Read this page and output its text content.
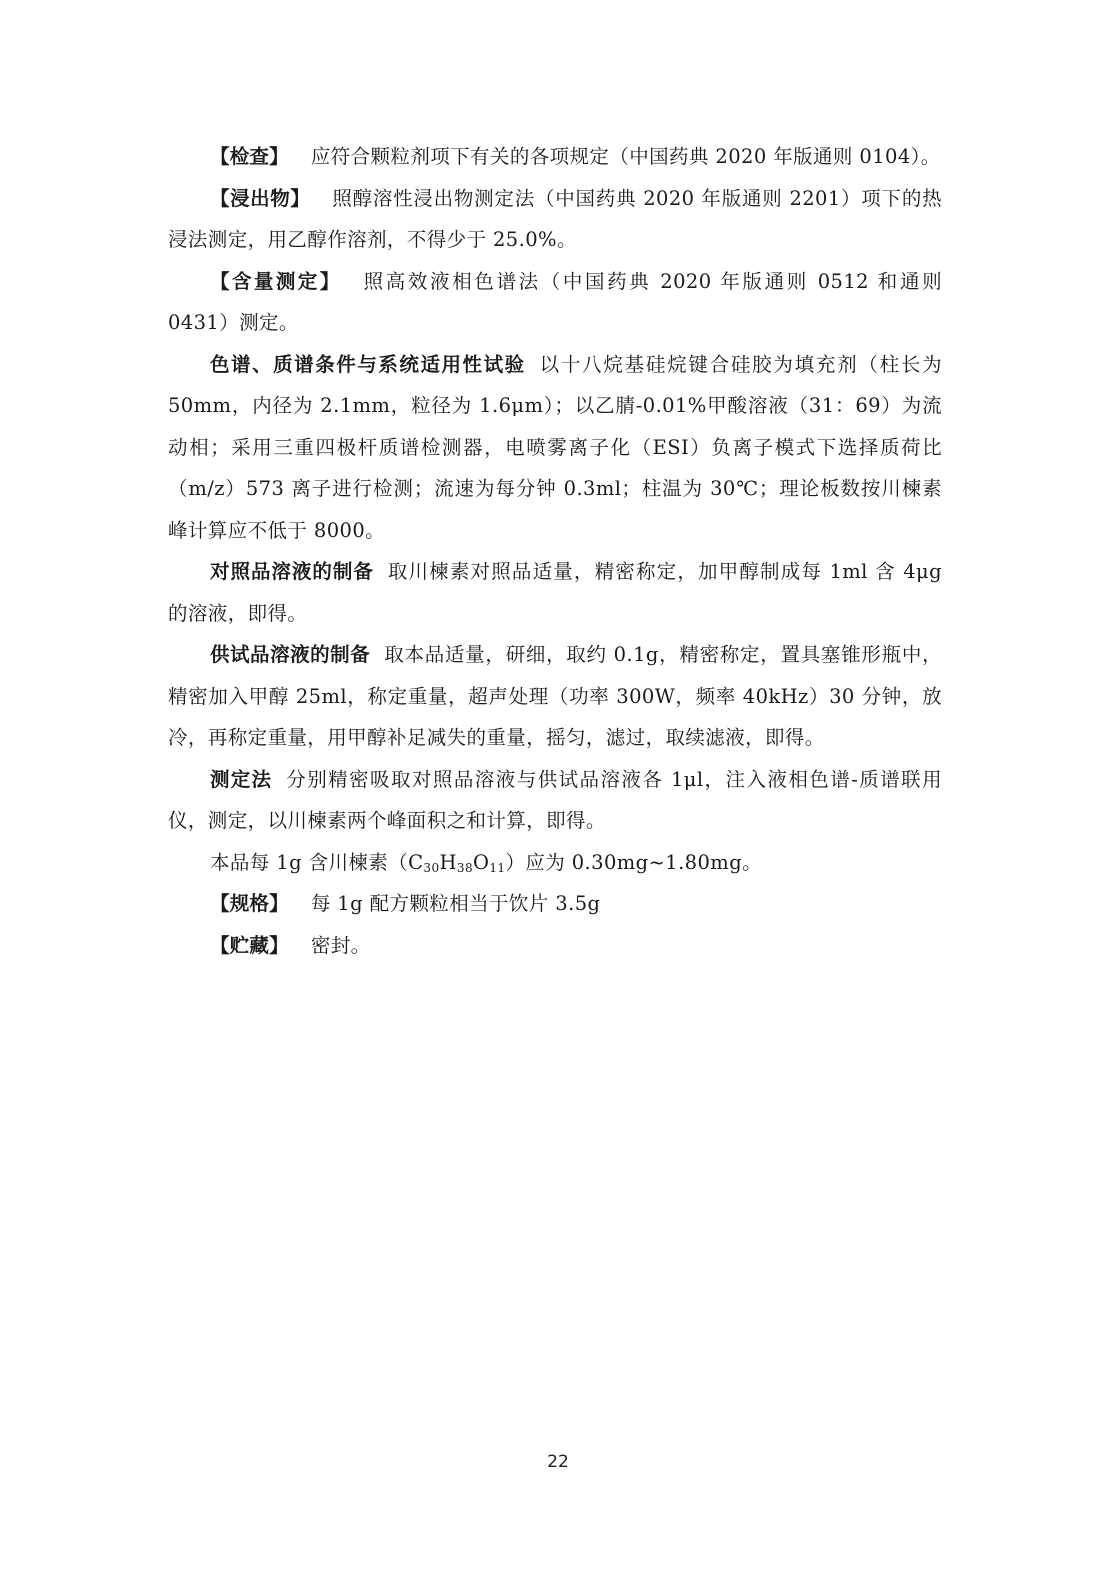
【检查】 应符合颗粒剂项下有关的各项规定（中国药典 2020 年版通则 0104）。

【浸出物】 照醇溶性浸出物测定法（中国药典 2020 年版通则 2201）项下的热浸法测定，用乙醇作溶剂，不得少于 25.0%。

【含量测定】 照高效液相色谱法（中国药典 2020 年版通则 0512 和通则 0431）测定。

色谱、质谱条件与系统适用性试验 以十八烷基硅烷键合硅胶为填充剂（柱长为 50mm，内径为 2.1mm，粒径为 1.6μm）；以乙腈-0.01%甲酸溶液（31：69）为流动相；采用三重四极杆质谱检测器，电喷雾离子化（ESI）负离子模式下选择质荷比（m/z）573 离子进行检测；流速为每分钟 0.3ml；柱温为 30℃；理论板数按川楝素峰计算应不低于 8000。

对照品溶液的制备 取川楝素对照品适量，精密称定，加甲醇制成每 1ml 含 4μg 的溶液，即得。

供试品溶液的制备 取本品适量，研细，取约 0.1g，精密称定，置具塞锥形瓶中，精密加入甲醇 25ml，称定重量，超声处理（功率 300W，频率 40kHz）30 分钟，放冷，再称定重量，用甲醇补足减失的重量，摇匀，滤过，取续滤液，即得。

测定法 分别精密吸取对照品溶液与供试品溶液各 1μl，注入液相色谱-质谱联用仪，测定，以川楝素两个峰面积之和计算，即得。

本品每 1g 含川楝素$(C_{30}H_{38}O_{11})$应为 0.30mg~1.80mg。

【规格】 每 1g 配方颗粒相当于饮片 3.5g

【贮藏】 密封。

22
